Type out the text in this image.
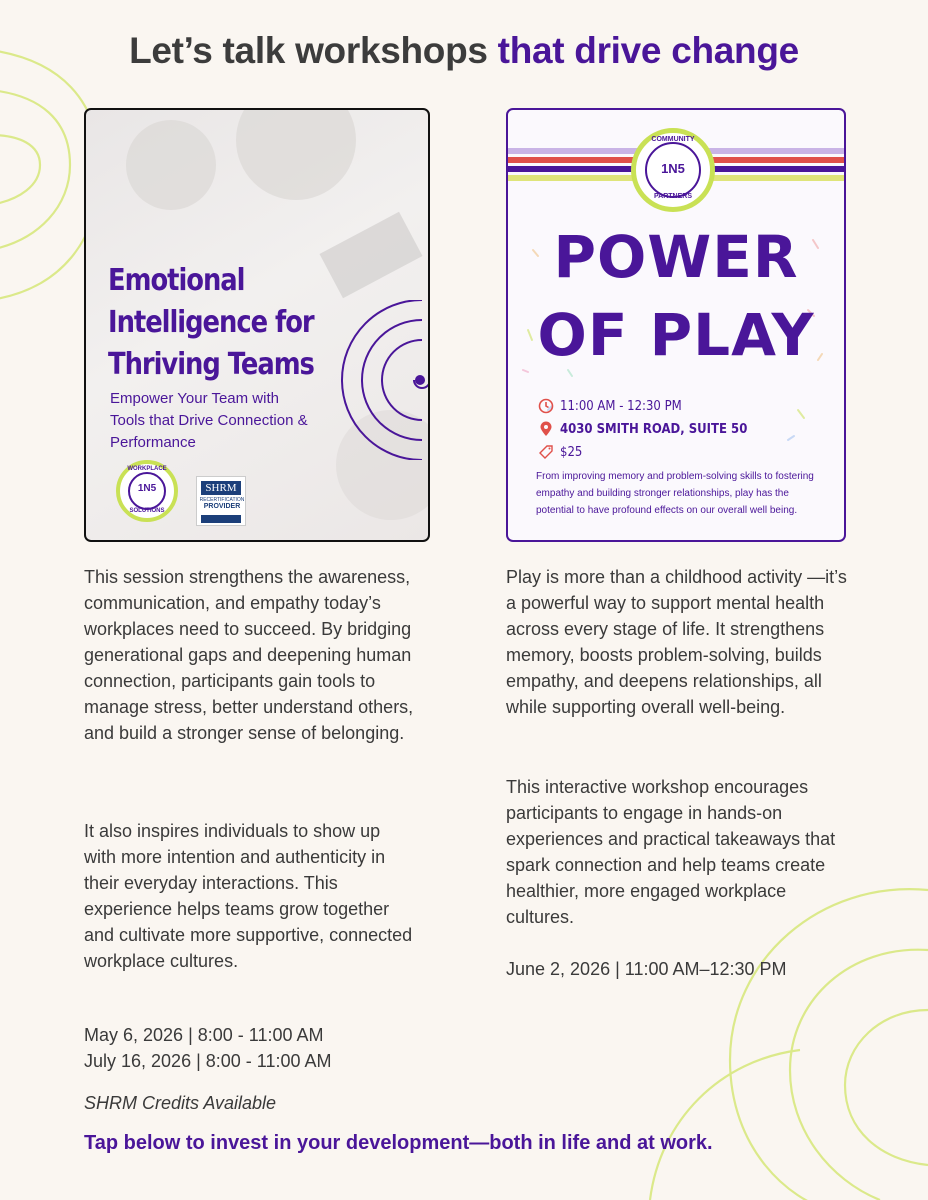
Let’s talk workshops that drive change
Emotional
Intelligence for
Thriving Teams

Empower Your Team with
Tools that Drive Connection &
Performance

1N5
WORKPLACE
SOLUTIONS
SHRM
RECERTIFICATION
PROVIDER
1N5
COMMUNITY
PARTNERS
POWER
OF PLAY
11:00 AM - 12:30 PM
4030 SMITH ROAD, SUITE 50
$25

From improving memory and problem-solving skills to fostering empathy and building stronger relationships, play has the potential to have profound effects on our overall well being.

This session strengthens the awareness, communication, and empathy today’s workplaces need to succeed. By bridging generational gaps and deepening human connection, participants gain tools to manage stress, better understand others, and build a stronger sense of belonging.

It also inspires individuals to show up with more intention and authenticity in their everyday interactions. This experience helps teams grow together and cultivate more supportive, connected workplace cultures.

May 6, 2026 | 8:00 - 11:00 AM

July 16, 2026 | 8:00 - 11:00 AM

SHRM Credits Available

Play is more than a childhood activity —it’s a powerful way to support mental health across every stage of life. It strengthens memory, boosts problem-solving, builds empathy, and deepens relationships, all while supporting overall well-being.

This interactive workshop encourages participants to engage in hands-on experiences and practical takeaways that spark connection and help teams create healthier, more engaged workplace cultures.

June 2, 2026 | 11:00 AM–12:30 PM

Tap below to invest in your development—both in life and at work.
